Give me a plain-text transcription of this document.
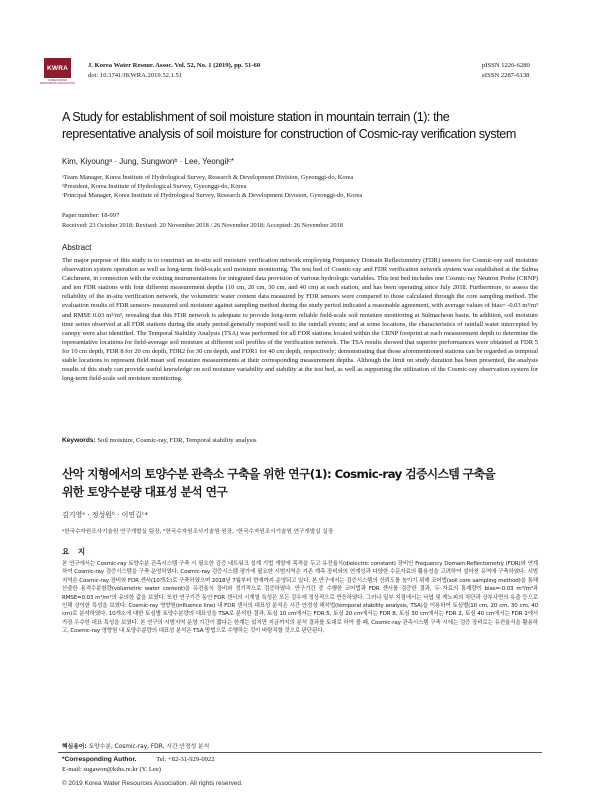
KWRA
KOREA WATER RESOURCES ASSOCIATION
J. Korea Water Resour. Assoc. Vol. 52, No. 1 (2019), pp. 51-60
doi: 10.3741/JKWRA.2019.52.1.51
pISSN 1226-6280
eISSN 2287-6138
A Study for establishment of soil moisture station in mountain terrain (1): the
representative analysis of soil moisture for construction of Cosmic-ray verification system
Kim, Kiyoungᵃ · Jung, Sungwonᵇ · Lee, Yeongilᶜ*
ᵃTeam Manager, Korea Institute of Hydrological Survey, Research & Development Division, Gyeonggi-do, Korea
ᵇPresident, Korea Institute of Hydrological Survey, Gyeonggi-do, Korea
ᶜPrincipal Manager, Korea Institute of Hydrological Survey, Research & Development Division, Gyeonggi-do, Korea
Paper number: 18-097
Received: 23 October 2018; Revised: 20 November 2018 / 26 November 2018; Accepted: 26 November 2018
Abstract
The major purpose of this study is to construct an in-situ soil moisture verification network employing Frequency Domain Reflectometry (FDR) sensors for Cosmic-ray soil moisture observation system operation as well as long-term field-scale soil moisture monitoring. The test bed of Cosmic-ray and FDR verification network system was established at the Sulma Catchment, in connection with the existing instrumentations for integrated data provision of various hydrologic variables. This test bed includes one Cosmic-ray Neutron Probe (CRNP) and ten FDR stations with four different measurement depths (10 cm, 20 cm, 30 cm, and 40 cm) at each station, and has been operating since July 2018. Furthermore, to assess the reliability of the in-situ verification network, the volumetric water content data measured by FDR sensors were compared to those calculated through the core sampling method. The evaluation results of FDR sensors- measured soil moisture against sampling method during the study period indicated a reasonable agreement, with average values of bias= -0.03 m³/m³ and RMSE 0.03 m³/m³, revealing that this FDR network is adequate to provide long-term reliable field-scale soil moisture monitoring at Sulmacheon basin. In addition, soil moisture time series observed at all FDR stations during the study period generally respond well to the rainfall events; and at some locations, the characteristics of rainfall water intercepted by canopy were also identified. The Temporal Stability Analysis (TSA) was performed for all FDR stations located within the CRNP footprint at each measurement depth to determine the representative locations for field-average soil moisture at different soil profiles of the verification network. The TSA results showed that superior performances were obtained at FDR 5 for 10 cm depth, FDR 8 for 20 cm depth, FDR2 for 30 cm depth, and FDR1 for 40 cm depth, respectively; demonstrating that those aforementioned stations can be regarded as temporal stable locations to represent field mean soil moisture measurements at their corresponding measurement depths. Although the limit on study duration has been presented, the analysis results of this study can provide useful knowledge on soil moisture variability and stability at the test bed, as well as supporting the utilization of the Cosmic-ray observation system for long-term field-scale soil moisture monitoring.
Keywords: Soil moisture, Cosmic-ray, FDR, Temporal stability analysis
산악 지형에서의 토양수분 관측소 구축을 위한 연구(1): Cosmic-ray 검증시스템 구축을
위한 토양수분량 대표성 분석 연구
김기영ᵃ · 정성원ᵇ · 이연길ᶜ*
ᵃ한국수자원조사기술원 연구개발실 팀장, ᵇ한국수자원조사기술원 원장, ᶜ한국수자원조사기술원 연구개발실 실장
요 지
본 연구에서는 Cosmic-ray 토양수분 관측시스템 구축 시 필요한 검증 네트워크 설계 기법 개발에 목적을 두고 유전율식(dielectric constant) 장비인 Frequency Domain Reflectometry (FDR)와 연계하여 Cosmic-ray 검증시스템을 구축·운영하였다. Cosmic-ray 검증시스템 평가에 필요한 시범지역은 기존 계측 장비와의 연계성과 다양한 수문자료의 활용성을 고려하여 설마천 유역에 구축하였다. 시범지역은 Cosmic-ray 장비와 FDR 센서(10개소)로 구축하였으며 2018년 7월부터 현재까지 운영되고 있다. 본 연구에서는 검증시스템의 신뢰도를 높이기 위해 코어법(soil core sampling method)을 통해 산출한 용적수분함량(volumetric water content)을 유전율식 장비와 정기적으로 검증하였다. 연구기간 중 수행한 코어법과 FDR 센서를 검증한 결과, 두 자료의 통계량이 bias=-0.03 m³/m³과 RMSE=0.03 m³/m³의 유의한 값을 보였다. 또한 연구기간 동안 FDR 센서의 시계열 특성은 모든 강우에 정상적으로 반응하였다. 그러나 일부 지점에서는 낙엽 및 캐노피의 차단과 상부사면의 유출 등으로 인해 상이한 특성을 보였다. Cosmic-ray 영향원(influence line) 내 FDR 센서의 대표성 분석은 시간 안정성 해석법(temporal stability analysis, TSA)을 이용하여 토심별(10 cm, 20 cm, 30 cm, 40 cm)로 분석하였다. 10개소에 대한 토심별 토양수분량의 대표성을 TSA로 분석한 결과, 토심 10 cm에서는 FDR 5, 토심 20 cm에서는 FDR 8, 토심 30 cm에서는 FDR 2, 토심 40 cm에서는 FDR 1에서 가장 우수한 대표 특성을 보였다. 본 연구의 시범지역 운영 기간이 짧다는 한계는 있지만 지금까지의 분석 결과를 토대로 하여 볼 때, Cosmic-ray 관측시스템 구축 시에는 검증 장비로는 유전율식을 활용하고, Cosmic-ray 영향원 내 토양수분량의 대표성 분석은 TSA 방법으로 수행하는 것이 바람직할 것으로 판단된다.
핵심용어: 토양수분, Cosmic-ray, FDR, 시간 안정성 분석
*Corresponding Author.	Tel: +82-31-929-0922
© 2019 Korea Water Resources Association. All rights reserved.
E-mail: sugawon@kihs.re.kr (Y. Lee)
